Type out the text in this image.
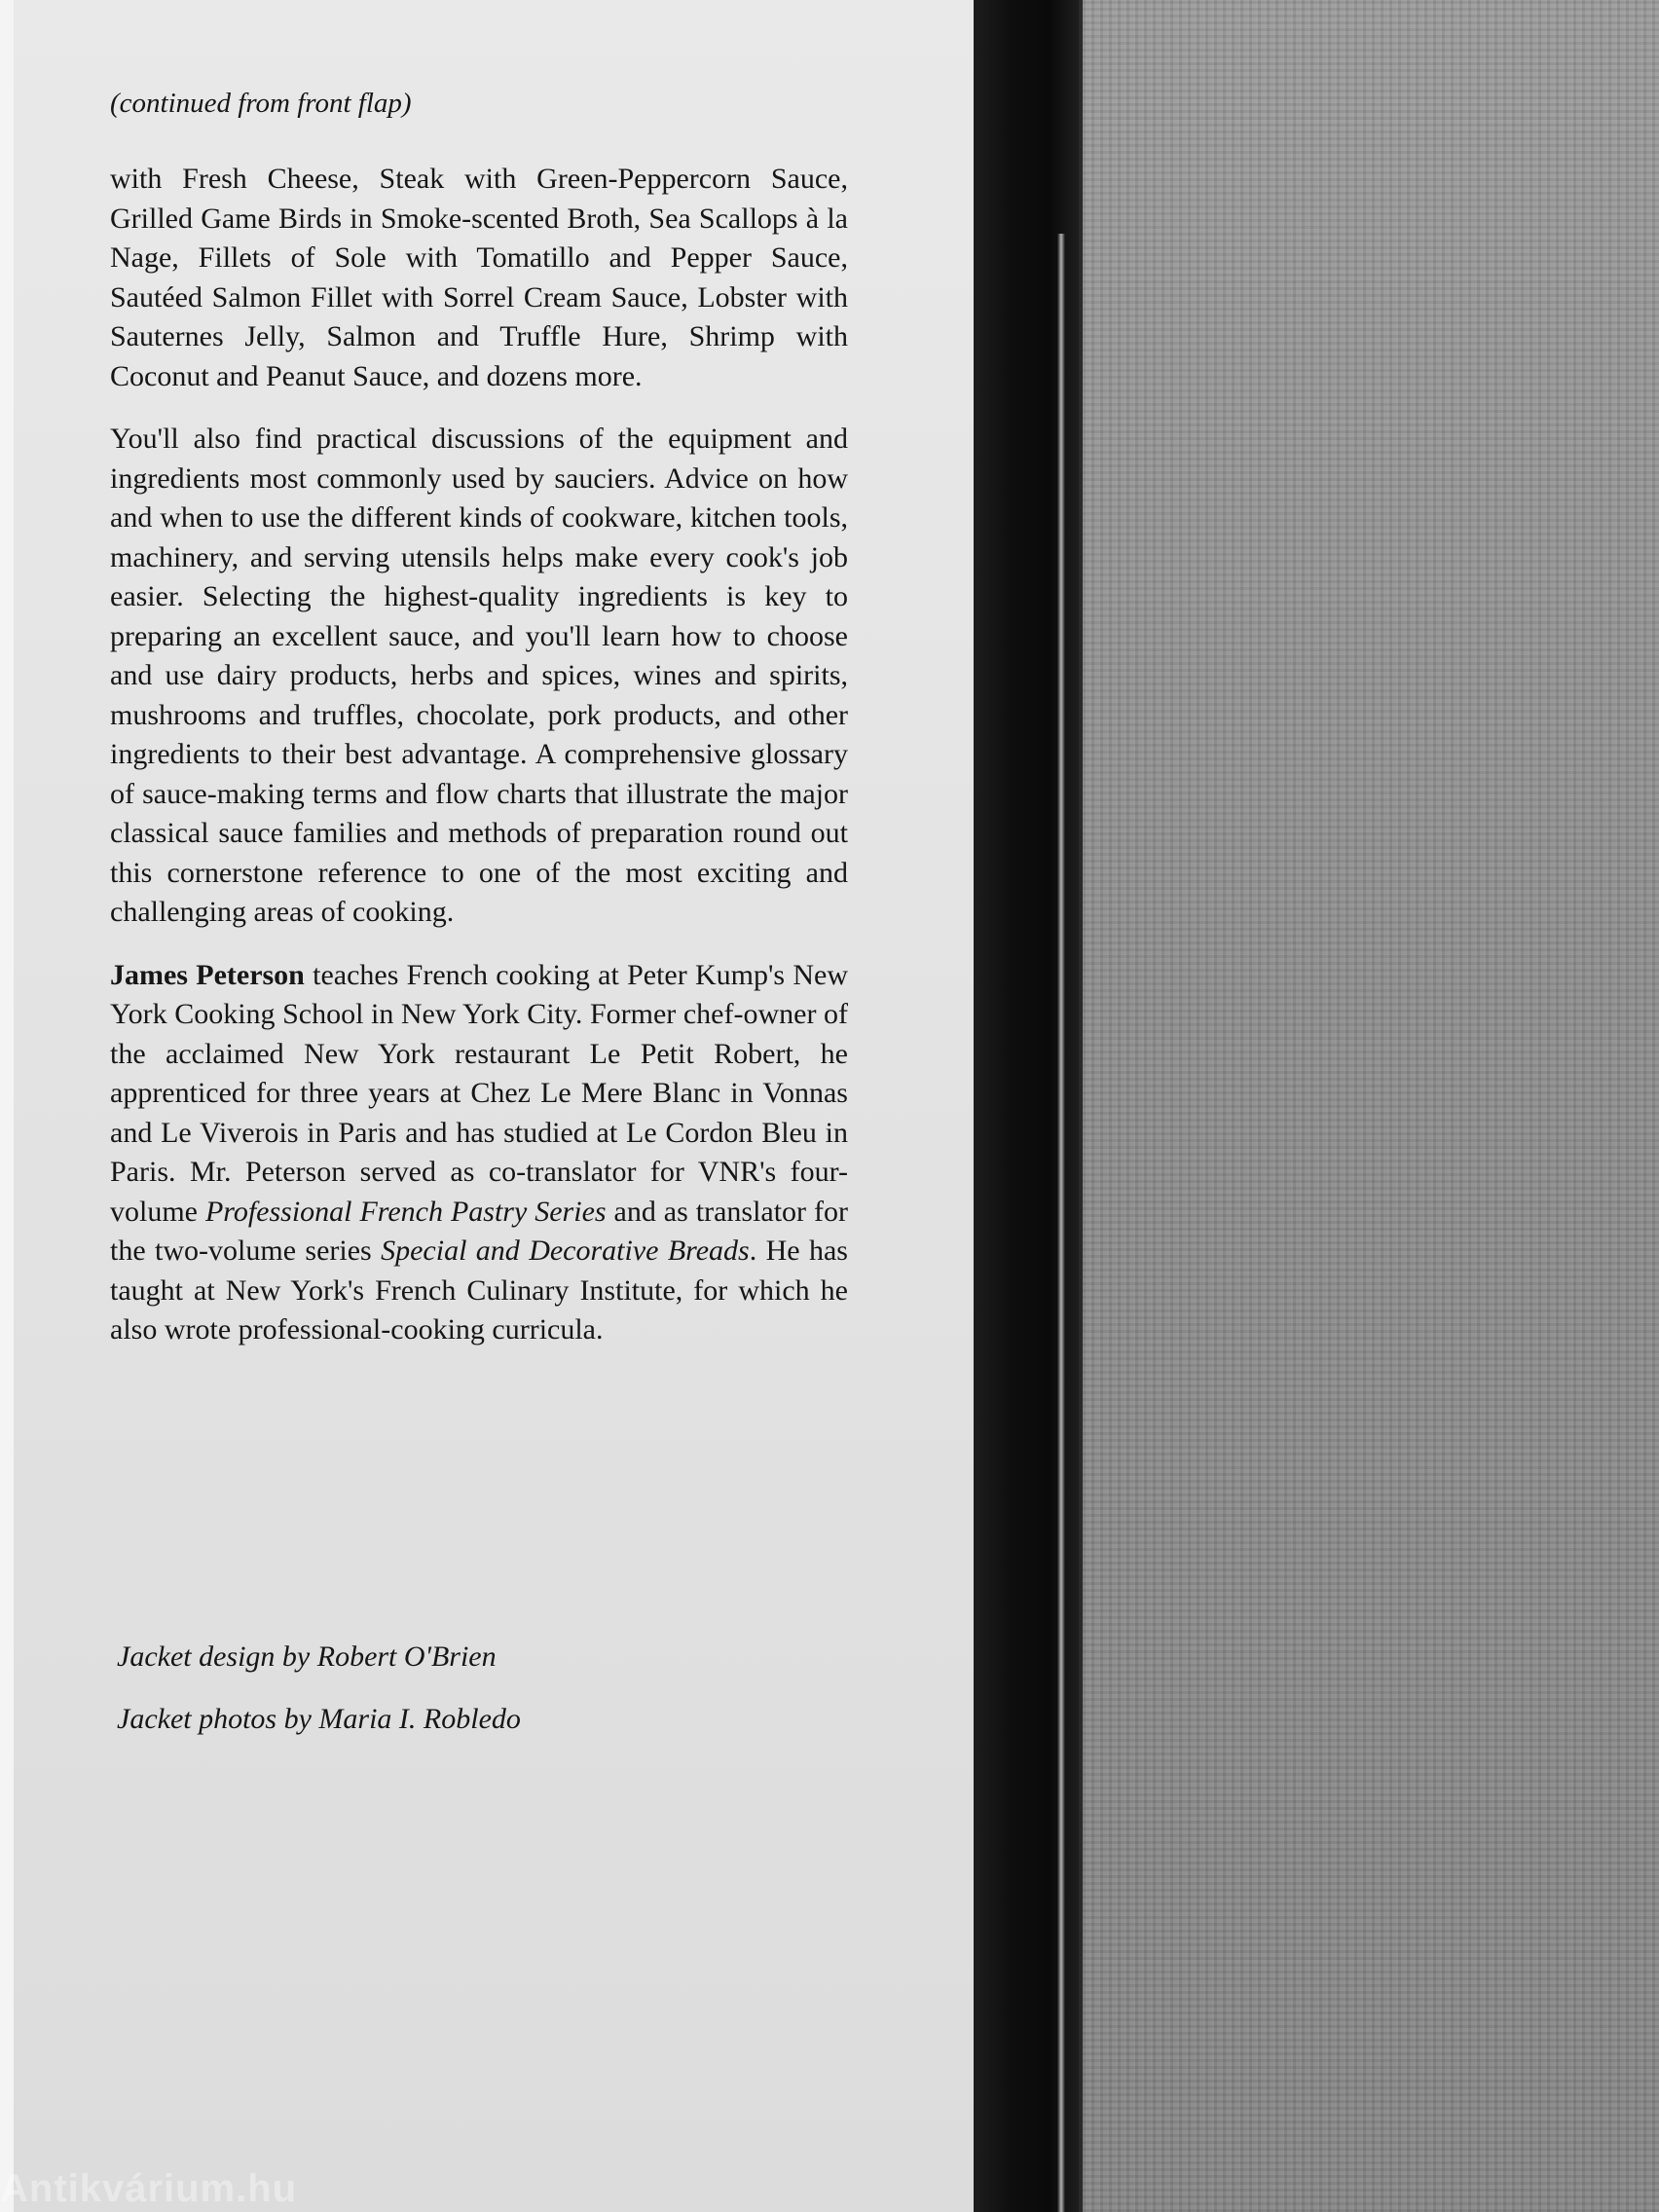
(continued from front flap)

with Fresh Cheese, Steak with Green-Peppercorn Sauce, Grilled Game Birds in Smoke-scented Broth, Sea Scallops à la Nage, Fillets of Sole with Tomatillo and Pepper Sauce, Sautéed Salmon Fillet with Sorrel Cream Sauce, Lobster with Sauternes Jelly, Salmon and Truffle Hure, Shrimp with Coconut and Peanut Sauce, and dozens more.

You'll also find practical discussions of the equipment and ingredients most commonly used by sauciers. Advice on how and when to use the different kinds of cookware, kitchen tools, machinery, and serving utensils helps make every cook's job easier. Selecting the highest-quality ingredients is key to preparing an excellent sauce, and you'll learn how to choose and use dairy products, herbs and spices, wines and spirits, mushrooms and truffles, chocolate, pork products, and other ingredients to their best advantage. A comprehensive glossary of sauce-making terms and flow charts that illustrate the major classical sauce families and methods of preparation round out this cornerstone reference to one of the most exciting and challenging areas of cooking.

James Peterson teaches French cooking at Peter Kump's New York Cooking School in New York City. Former chef-owner of the acclaimed New York restaurant Le Petit Robert, he apprenticed for three years at Chez Le Mere Blanc in Vonnas and Le Viverois in Paris and has studied at Le Cordon Bleu in Paris. Mr. Peterson served as co-translator for VNR's four-volume Professional French Pastry Series and as translator for the two-volume series Special and Decorative Breads. He has taught at New York's French Culinary Institute, for which he also wrote professional-cooking curricula.

Jacket design by Robert O'Brien

Jacket photos by Maria I. Robledo

Antikvárium.hu
